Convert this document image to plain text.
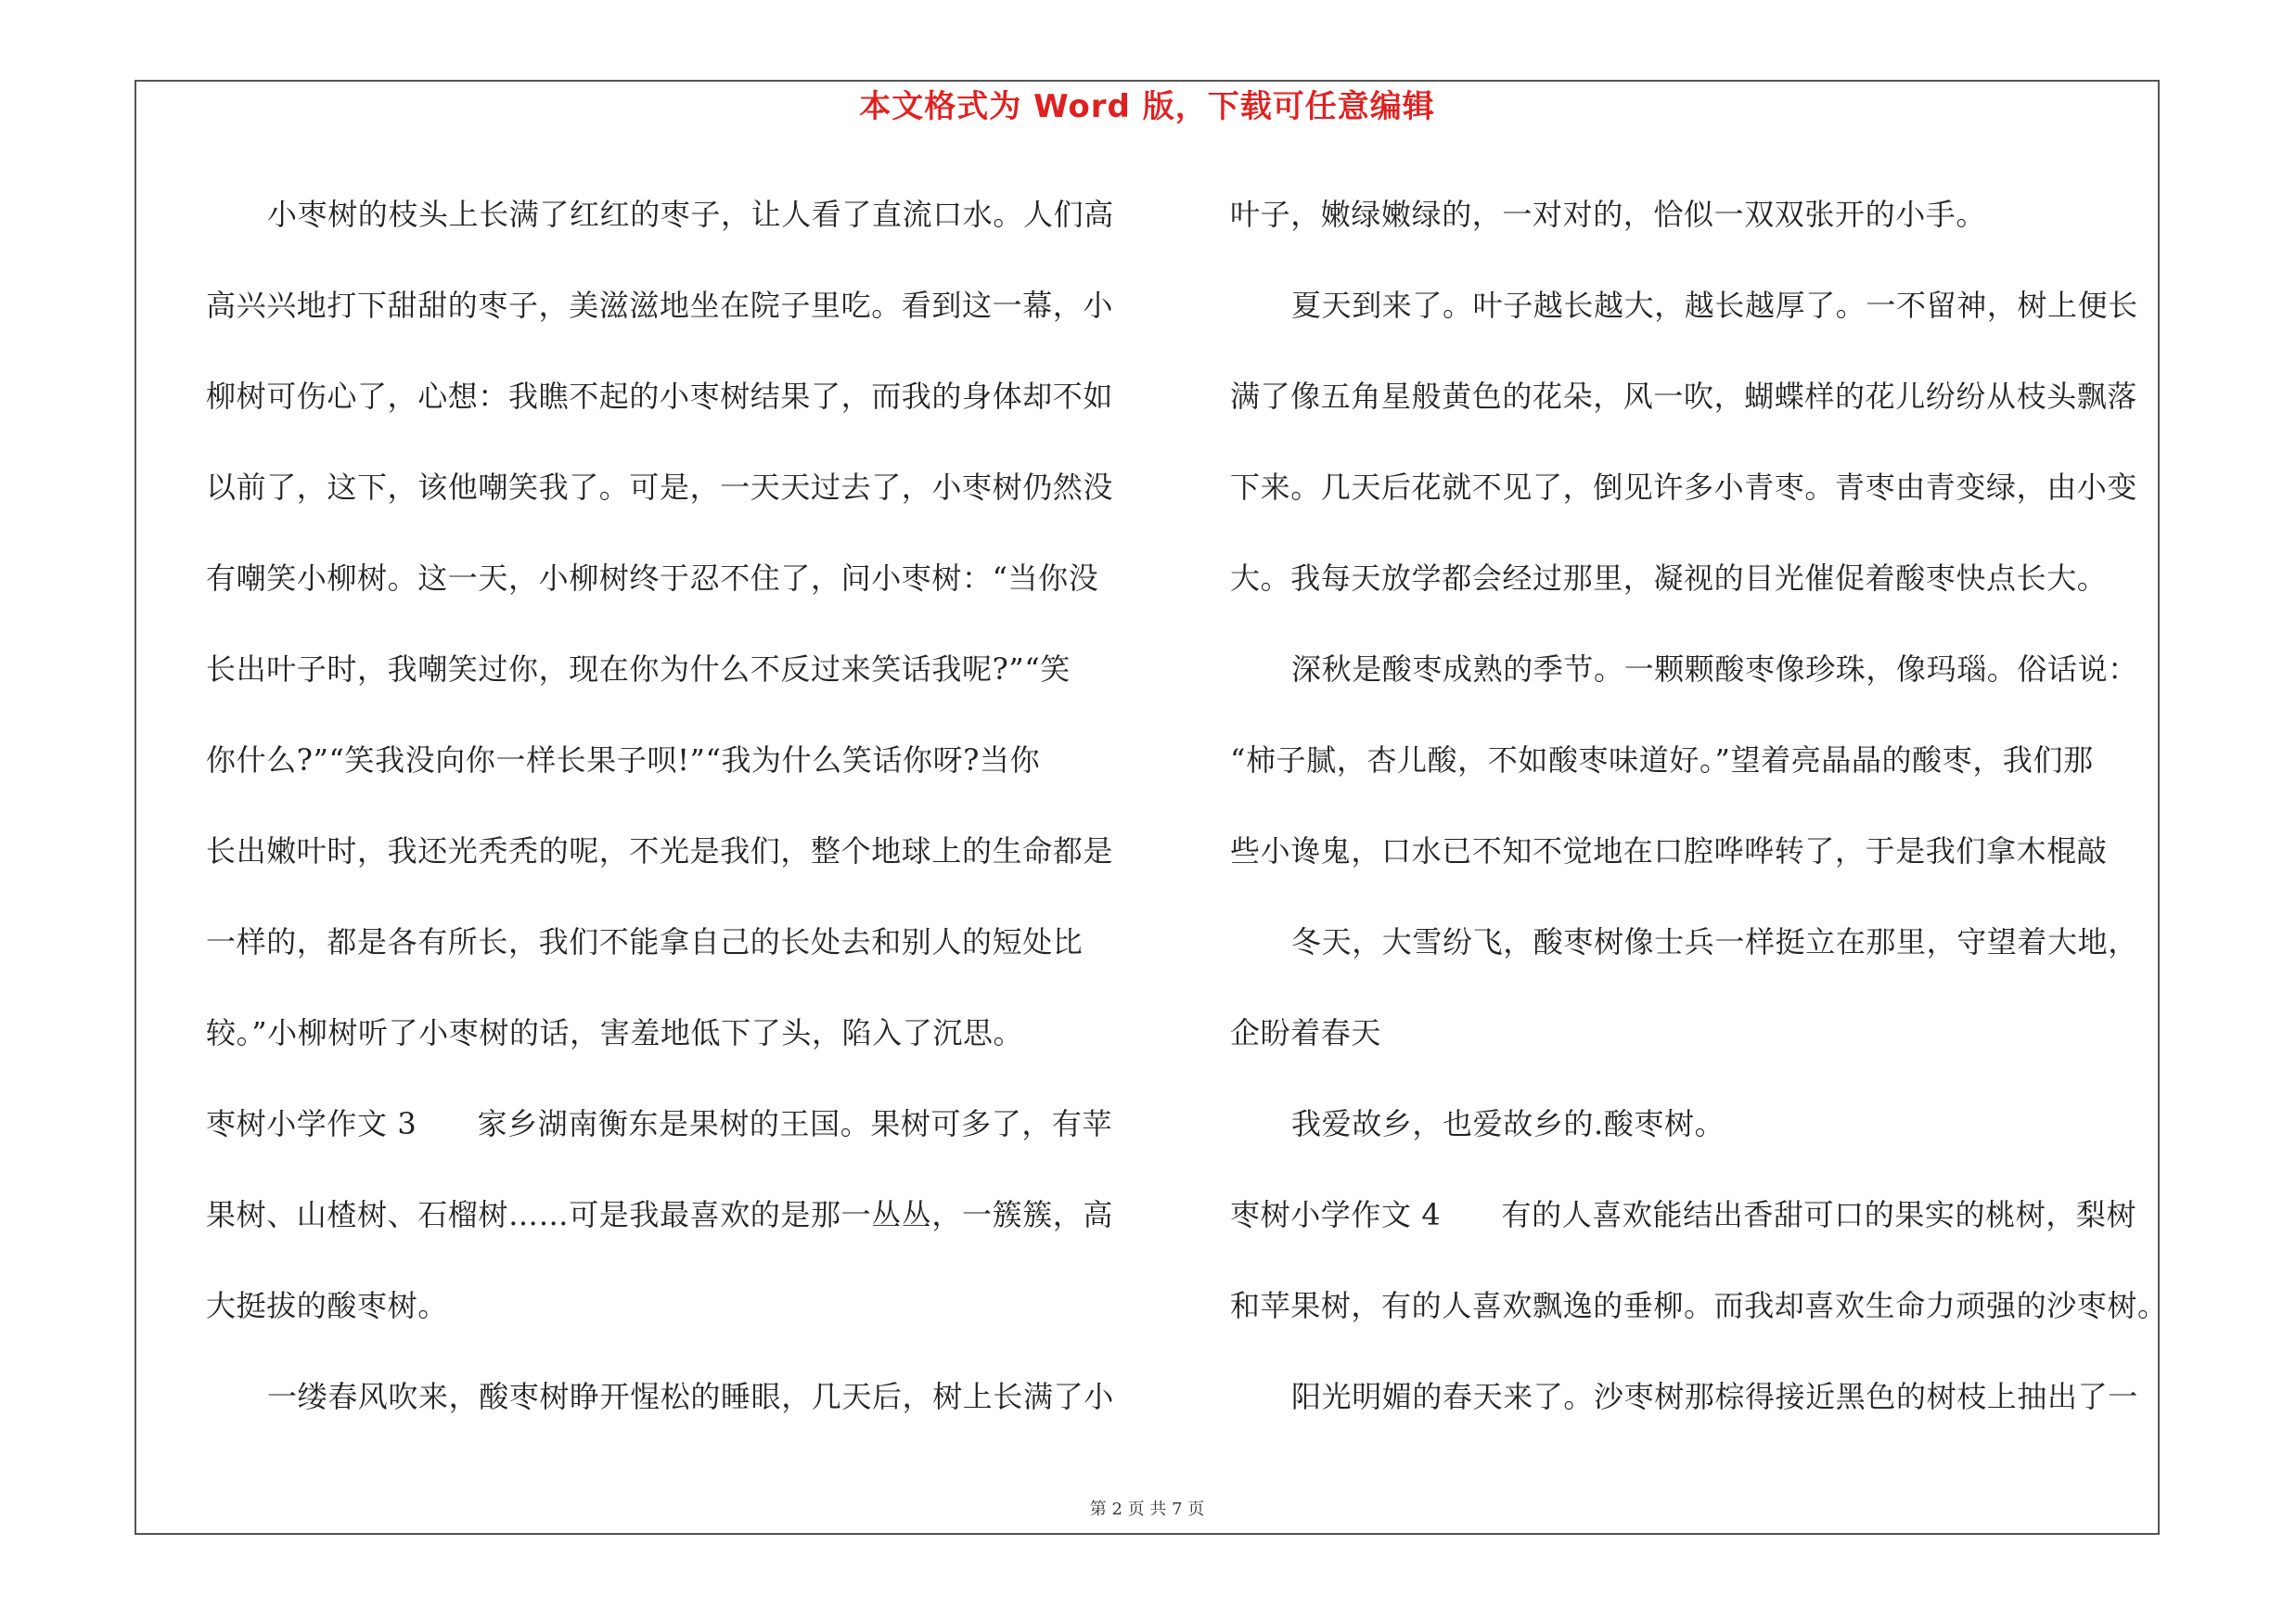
本文格式为 Word 版，下载可任意编辑
小枣树的枝头上长满了红红的枣子，让人看了直流口水。人们高
高兴兴地打下甜甜的枣子，美滋滋地坐在院子里吃。看到这一幕，小
柳树可伤心了，心想：我瞧不起的小枣树结果了，而我的身体却不如
以前了，这下，该他嘲笑我了。可是，一天天过去了，小枣树仍然没
有嘲笑小柳树。这一天，小柳树终于忍不住了，问小枣树：“当你没
长出叶子时，我嘲笑过你，现在你为什么不反过来笑话我呢?”“笑
你什么?”“笑我没向你一样长果子呗!”“我为什么笑话你呀?当你
长出嫩叶时，我还光秃秃的呢，不光是我们，整个地球上的生命都是
一样的，都是各有所长，我们不能拿自己的长处去和别人的短处比
较。”小柳树听了小枣树的话，害羞地低下了头，陷入了沉思。
枣树小学作文 3　　家乡湖南衡东是果树的王国。果树可多了，有苹
果树、山楂树、石榴树……可是我最喜欢的是那一丛丛，一簇簇，高
大挺拔的酸枣树。
一缕春风吹来，酸枣树睁开惺松的睡眼，几天后，树上长满了小
叶子，嫩绿嫩绿的，一对对的，恰似一双双张开的小手。
夏天到来了。叶子越长越大，越长越厚了。一不留神，树上便长
满了像五角星般黄色的花朵，风一吹，蝴蝶样的花儿纷纷从枝头飘落
下来。几天后花就不见了，倒见许多小青枣。青枣由青变绿，由小变
大。我每天放学都会经过那里，凝视的目光催促着酸枣快点长大。
深秋是酸枣成熟的季节。一颗颗酸枣像珍珠，像玛瑙。俗话说：
“柿子腻，杏儿酸，不如酸枣味道好。”望着亮晶晶的酸枣，我们那
些小谗鬼，口水已不知不觉地在口腔哗哗转了，于是我们拿木棍敲
冬天，大雪纷飞，酸枣树像士兵一样挺立在那里，守望着大地，
企盼着春天
我爱故乡，也爱故乡的.酸枣树。
枣树小学作文 4　　有的人喜欢能结出香甜可口的果实的桃树，梨树
和苹果树，有的人喜欢飘逸的垂柳。而我却喜欢生命力顽强的沙枣树。
阳光明媚的春天来了。沙枣树那棕得接近黑色的树枝上抽出了一
第 2 页 共 7 页
